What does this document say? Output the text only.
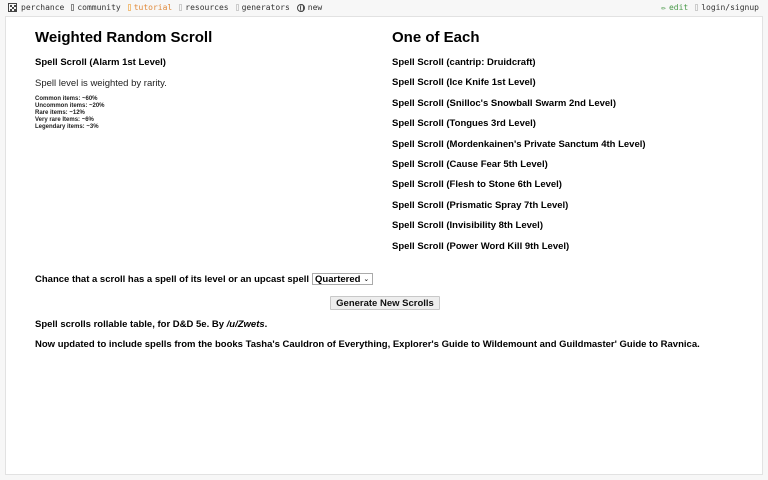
perchance community tutorial resources generators new	✏ edit login/signup
Weighted Random Scroll
Spell Scroll (Alarm 1st Level)
Spell level is weighted by rarity.
Common items: ~60%
Uncommon items: ~20%
Rare items: ~12%
Very rare Items: ~6%
Legendary items: ~3%
One of Each
Spell Scroll (cantrip: Druidcraft)
Spell Scroll (Ice Knife 1st Level)
Spell Scroll (Snilloc's Snowball Swarm 2nd Level)
Spell Scroll (Tongues 3rd Level)
Spell Scroll (Mordenkainen's Private Sanctum 4th Level)
Spell Scroll (Cause Fear 5th Level)
Spell Scroll (Flesh to Stone 6th Level)
Spell Scroll (Prismatic Spray 7th Level)
Spell Scroll (Invisibility 8th Level)
Spell Scroll (Power Word Kill 9th Level)
Chance that a scroll has a spell of its level or an upcast spell Quartered ⌄
Generate New Scrolls
Spell scrolls rollable table, for D&D 5e. By /u/Zwets.
Now updated to include spells from the books Tasha's Cauldron of Everything, Explorer's Guide to Wildemount and Guildmaster' Guide to Ravnica.
